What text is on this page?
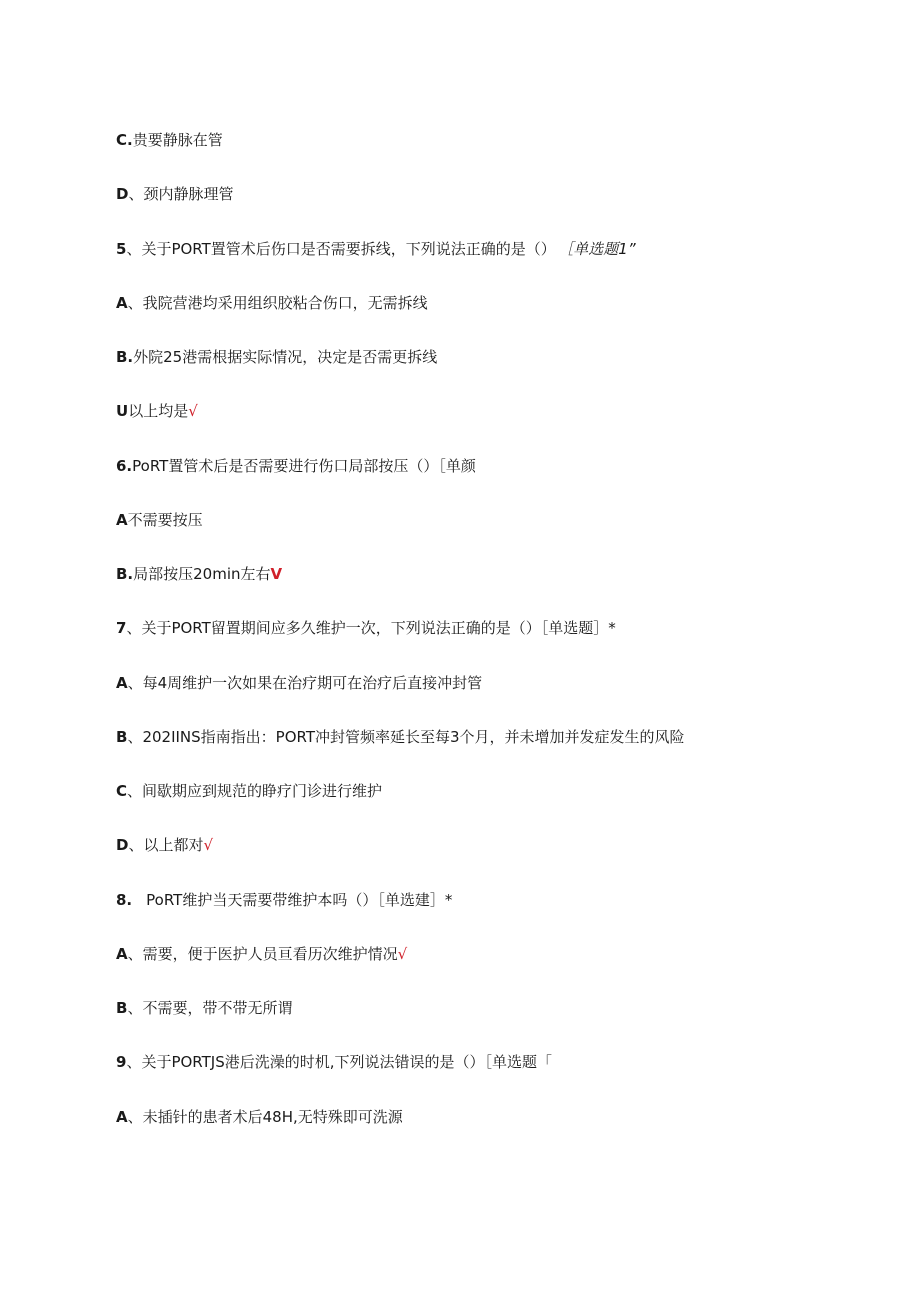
C.贵要静脉在管
D、颈内静脉理管
5、关于PORT置管术后伤口是否需要拆线，下列说法正确的是（） ［单选题1”
A、我院营港均采用组织胶粘合伤口，无需拆线
B.外院25港需根据实际情况，决定是否需更拆线
U以上均是√
6.PoRT置管术后是否需要进行伤口局部按压（）［单颜
A不需要按压
B.局部按压20min左右V
7、关于PORT留置期间应多久维护一次，下列说法正确的是（）［单选题］*
A、每4周维护一次如果在治疗期可在治疗后直接冲封管
B、202IINS指南指出：PORT冲封管频率延长至每3个月，并未增加并发症发生的风险
C、间歇期应到规范的睁疗门诊进行维护
D、以上都对√
8. PoRT维护当天需要带维护本吗（）［单选建］*
A、需要，便于医护人员亘看历次维护情况√
B、不需要，带不带无所谓
9、关于PORTJS港后洗澡的时机,下列说法错误的是（）［单选题「
A、未插针的患者术后48H,无特殊即可洗源
